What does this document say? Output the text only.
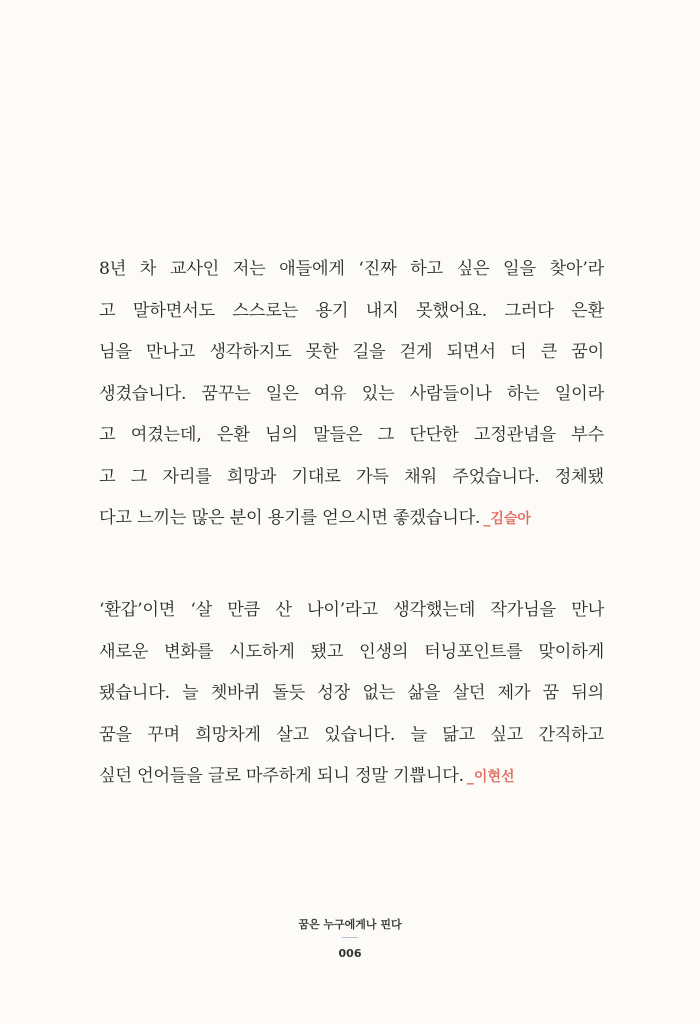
8년 차 교사인 저는 애들에게 ‘진짜 하고 싶은 일을 찾아’라
고 말하면서도 스스로는 용기 내지 못했어요. 그러다 은환
님을 만나고 생각하지도 못한 길을 걷게 되면서 더 큰 꿈이
생겼습니다. 꿈꾸는 일은 여유 있는 사람들이나 하는 일이라
고 여겼는데, 은환 님의 말들은 그 단단한 고정관념을 부수
고 그 자리를 희망과 기대로 가득 채워 주었습니다. 정체됐
다고 느끼는 많은 분이 용기를 얻으시면 좋겠습니다. _김슬아
‘환갑’이면 ‘살 만큼 산 나이’라고 생각했는데 작가님을 만나
새로운 변화를 시도하게 됐고 인생의 터닝포인트를 맞이하게
됐습니다. 늘 쳇바퀴 돌듯 성장 없는 삶을 살던 제가 꿈 뒤의
꿈을 꾸며 희망차게 살고 있습니다. 늘 닮고 싶고 간직하고
싶던 언어들을 글로 마주하게 되니 정말 기쁩니다. _이현선
꿈은 누구에게나 핀다
006
